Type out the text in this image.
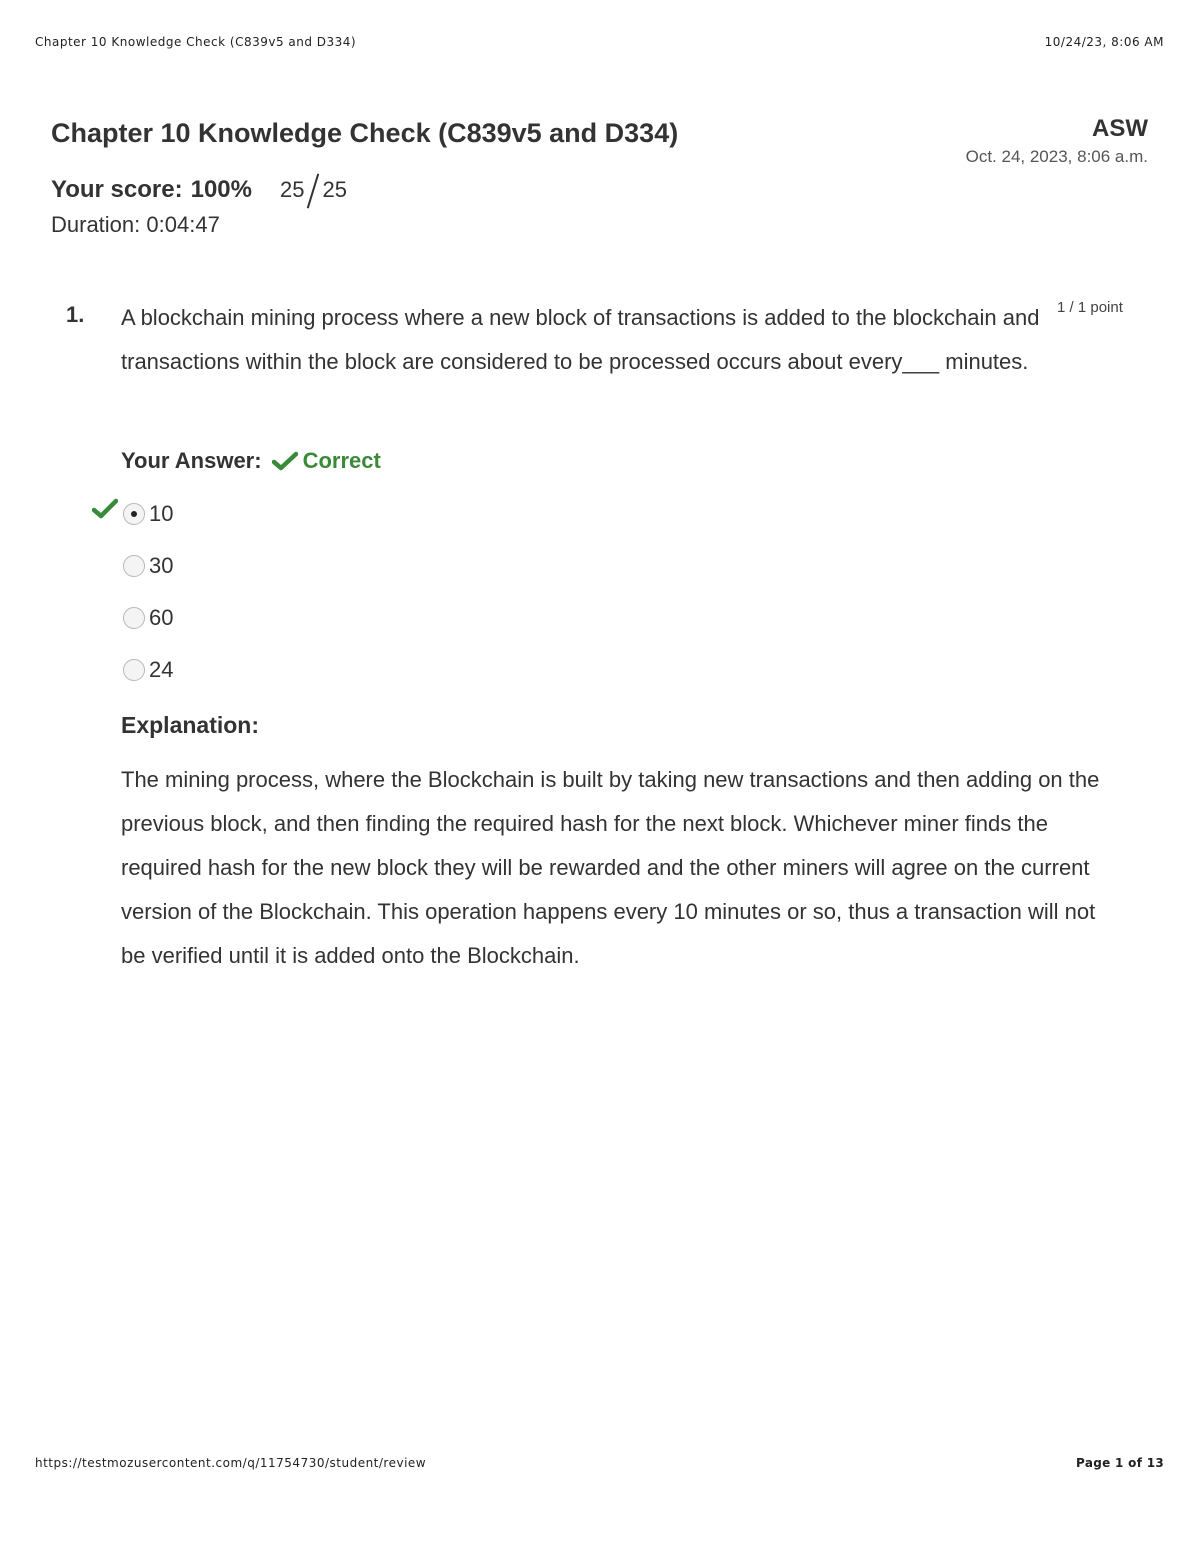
Chapter 10 Knowledge Check (C839v5 and D334)	10/24/23, 8:06 AM
Chapter 10 Knowledge Check (C839v5 and D334)	ASW
Oct. 24, 2023, 8:06 a.m.
Your score: 100% 25 25
Duration: 0:04:47
1. A blockchain mining process where a new block of transactions is added to the blockchain and transactions within the block are considered to be processed occurs about every___ minutes.

1 / 1 point
Your Answer: Correct
10
30
60
24
Explanation:

The mining process, where the Blockchain is built by taking new transactions and then adding on the previous block, and then finding the required hash for the next block. Whichever miner finds the required hash for the new block they will be rewarded and the other miners will agree on the current version of the Blockchain. This operation happens every 10 minutes or so, thus a transaction will not be verified until it is added onto the Blockchain.

https://testmozusercontent.com/q/11754730/student/review	Page 1 of 13
